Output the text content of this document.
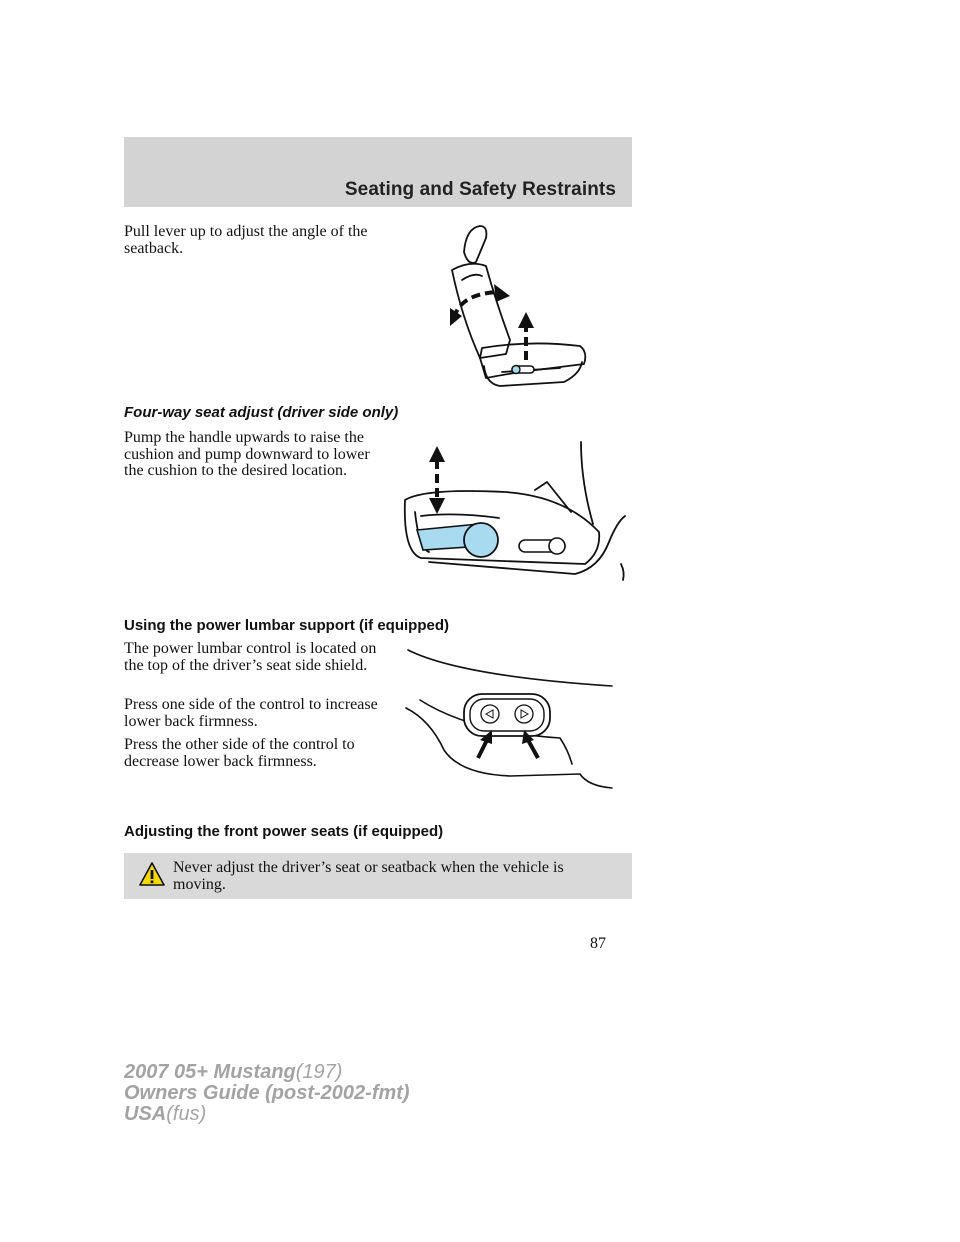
Seating and Safety Restraints

Pull lever up to adjust the angle of the seatback.

Four-way seat adjust (driver side only)

Pump the handle upwards to raise the cushion and pump downward to lower the cushion to the desired location.

Using the power lumbar support (if equipped)

The power lumbar control is located on the top of the driver’s seat side shield.

Press one side of the control to increase lower back firmness.

Press the other side of the control to decrease lower back firmness.

Adjusting the front power seats (if equipped)
Never adjust the driver’s seat or seatback when the vehicle is moving.
87
2007 05+ Mustang(197)
Owners Guide (post-2002-fmt)
USA(fus)
